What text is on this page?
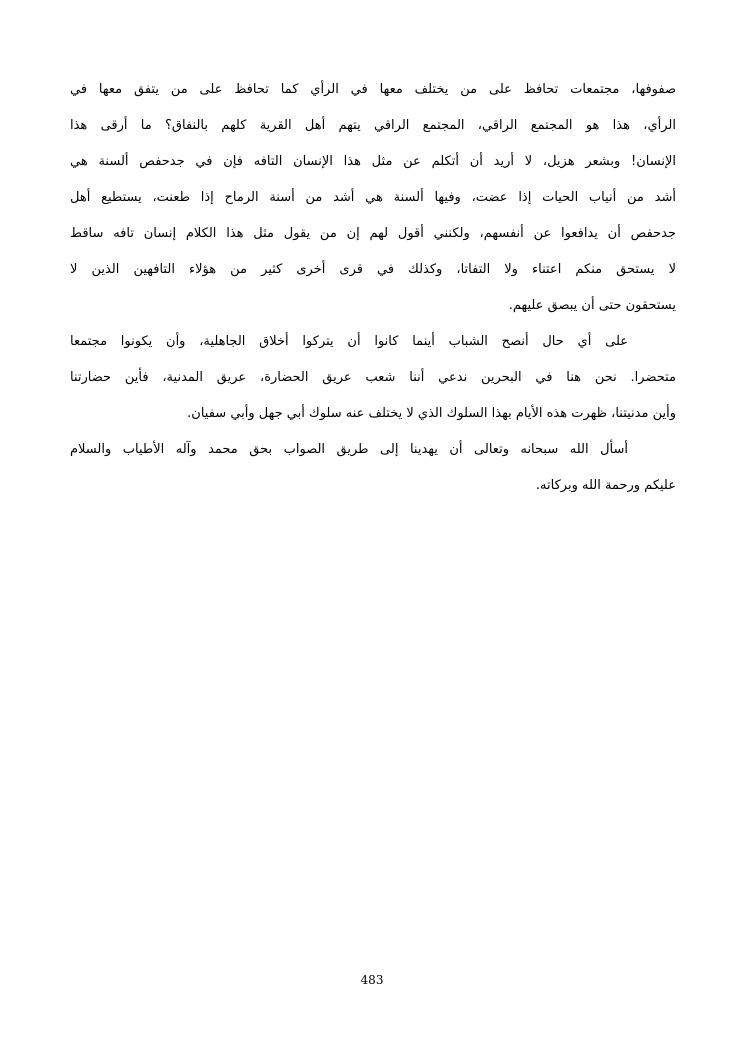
صفوفها، مجتمعات تحافظ على من يختلف معها في الرأي كما تحافظ على من يتفق معها في
الرأي، هذا هو المجتمع الراقي، المجتمع الراقي يتهم أهل القرية كلهم بالنفاق؟ ما أرقى هذا
الإنسان! وبشعر هزيل، لا أريد أن أتكلم عن مثل هذا الإنسان التافه فإن في جدحفص ألسنة هي
أشد من أنياب الحيات إذا عضت، وفيها ألسنة هي أشد من أسنة الرماح إذا طعنت، يستطيع أهل
جدحفص أن يدافعوا عن أنفسهم، ولكنني أقول لهم إن من يقول مثل هذا الكلام إنسان تافه ساقط
لا يستحق منكم اعتناء ولا التفاتا، وكذلك في قرى أخرى كثير من هؤلاء التافهين الذين لا
يستحقون حتى أن يبصق عليهم.
على أي حال أنصح الشباب أينما كانوا أن يتركوا أخلاق الجاهلية، وأن يكونوا مجتمعا
متحضرا. نحن هنا في البحرين ندعي أننا شعب عريق الحضارة، عريق المدنية، فأين حضارتنا
وأين مدنيتنا، ظهرت هذه الأيام بهذا السلوك الذي لا يختلف عنه سلوك أبي جهل وأبي سفيان.
أسأل الله سبحانه وتعالى أن يهدينا إلى طريق الصواب بحق محمد وآله الأطياب والسلام
عليكم ورحمة الله وبركاته.
483
